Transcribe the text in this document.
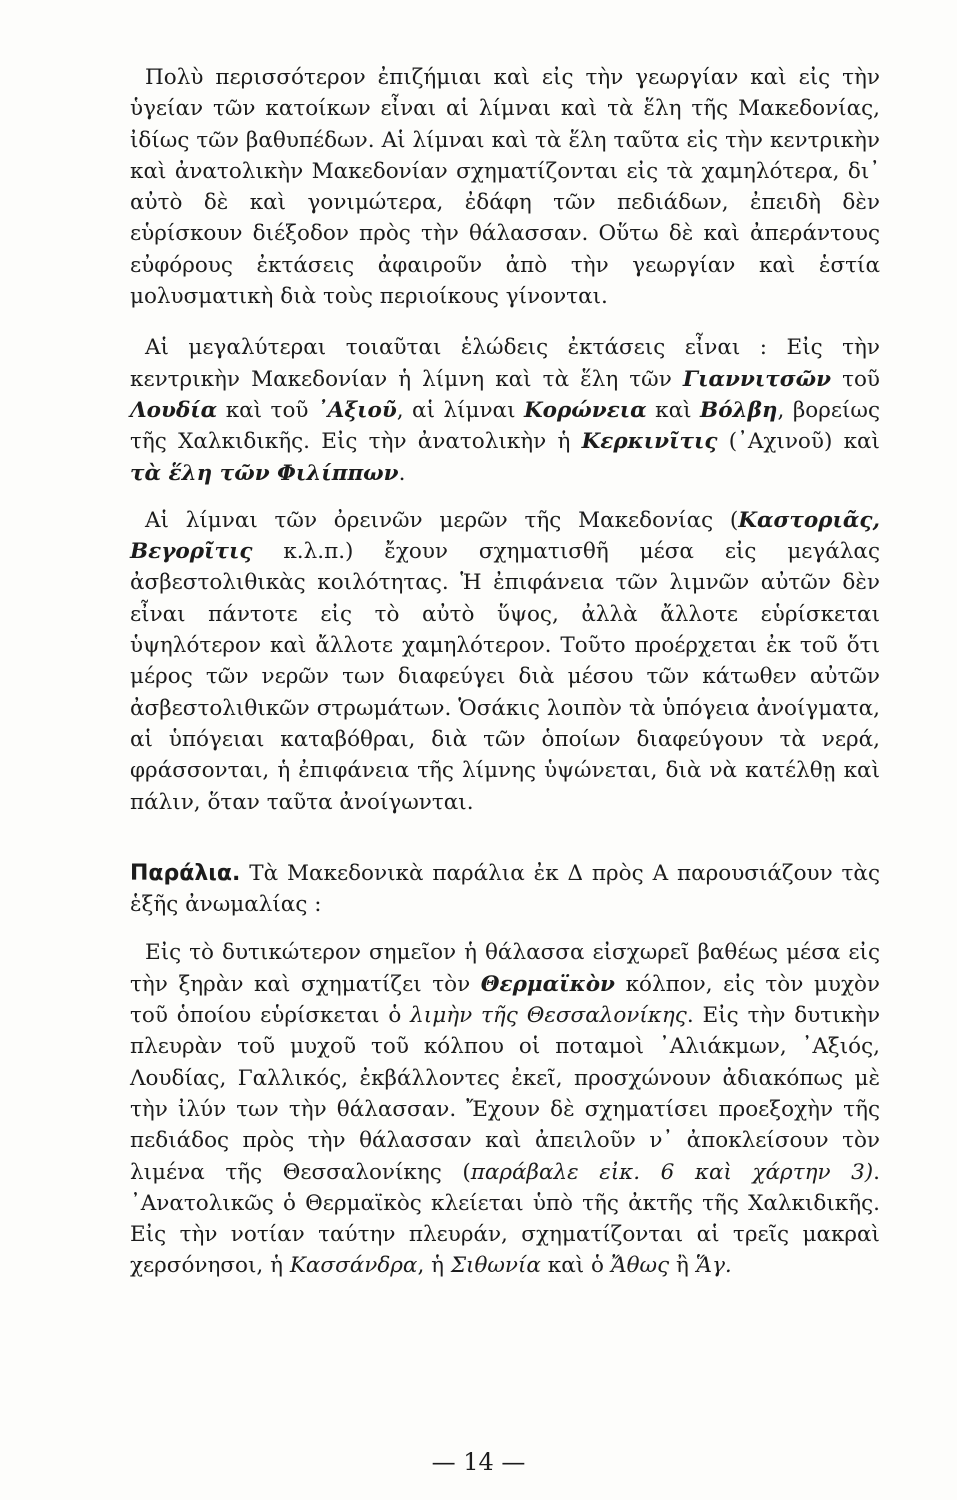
Πολὺ περισσότερον ἐπιζήμιαι καὶ εἰς τὴν γεωργίαν καὶ εἰς τὴν ὑγείαν τῶν κατοίκων εἶναι αἱ λίμναι καὶ τὰ ἕλη τῆς Μακεδονίας, ἰδίως τῶν βαθυπέδων. Αἱ λίμναι καὶ τὰ ἕλη ταῦτα εἰς τὴν κεντρικὴν καὶ ἀνατολικὴν Μακεδονίαν σχηματίζονται εἰς τὰ χαμηλότερα, δι᾽ αὐτὸ δὲ καὶ γονιμώτερα, ἐδάφη τῶν πεδιάδων, ἐπειδὴ δὲν εὑρίσκουν διέξοδον πρὸς τὴν θάλασσαν. Οὕτω δὲ καὶ ἀπεράντους εὐφόρους ἐκτάσεις ἀφαιροῦν ἀπὸ τὴν γεωργίαν καὶ ἑστία μολυσματικὴ διὰ τοὺς περιοίκους γίνονται.

Αἱ μεγαλύτεραι τοιαῦται ἑλώδεις ἐκτάσεις εἶναι : Εἰς τὴν κεντρικὴν Μακεδονίαν ἡ λίμνη καὶ τὰ ἕλη τῶν Γιαννιτσῶν τοῦ Λουδία καὶ τοῦ ᾽Αξιοῦ, αἱ λίμναι Κορώνεια καὶ Βόλβη, βορείως τῆς Χαλκιδικῆς. Εἰς τὴν ἀνατολικὴν ἡ Κερκινῖτις (᾽Αχινοῦ) καὶ τὰ ἕλη τῶν Φιλίππων.

Αἱ λίμναι τῶν ὀρεινῶν μερῶν τῆς Μακεδονίας (Καστοριᾶς, Βεγορῖτις κ.λ.π.) ἔχουν σχηματισθῆ μέσα εἰς μεγάλας ἀσβεστολιθικὰς κοιλότητας. Ἡ ἐπιφάνεια τῶν λιμνῶν αὐτῶν δὲν εἶναι πάντοτε εἰς τὸ αὐτὸ ὕψος, ἀλλὰ ἄλλοτε εὑρίσκεται ὑψηλότερον καὶ ἄλλοτε χαμηλότερον. Τοῦτο προέρχεται ἐκ τοῦ ὅτι μέρος τῶν νερῶν των διαφεύγει διὰ μέσου τῶν κάτωθεν αὐτῶν ἀσβεστολιθικῶν στρωμάτων. Ὁσάκις λοιπὸν τὰ ὑπόγεια ἀνοίγματα, αἱ ὑπόγειαι καταβόθραι, διὰ τῶν ὁποίων διαφεύγουν τὰ νερά, φράσσονται, ἡ ἐπιφάνεια τῆς λίμνης ὑψώνεται, διὰ νὰ κατέλθῃ καὶ πάλιν, ὅταν ταῦτα ἀνοίγωνται.

Παράλια. Τὰ Μακεδονικὰ παράλια ἐκ Δ πρὸς Α παρουσιάζουν τὰς ἑξῆς ἀνωμαλίας :

Εἰς τὸ δυτικώτερον σημεῖον ἡ θάλασσα εἰσχωρεῖ βαθέως μέσα εἰς τὴν ξηρὰν καὶ σχηματίζει τὸν Θερμαϊκὸν κόλπον, εἰς τὸν μυχὸν τοῦ ὁποίου εὑρίσκεται ὁ λιμὴν τῆς Θεσσαλονίκης. Εἰς τὴν δυτικὴν πλευρὰν τοῦ μυχοῦ τοῦ κόλπου οἱ ποταμοὶ ᾽Αλιάκμων, ᾽Αξιός, Λουδίας, Γαλλικός, ἐκβάλλοντες ἐκεῖ, προσχώνουν ἀδιακόπως μὲ τὴν ἰλύν των τὴν θάλασσαν. Ἔχουν δὲ σχηματίσει προεξοχὴν τῆς πεδιάδος πρὸς τὴν θάλασσαν καὶ ἀπειλοῦν ν᾽ ἀποκλείσουν τὸν λιμένα τῆς Θεσσαλονίκης (παράβαλε εἰκ. 6 καὶ χάρτην 3). ᾽Ανατολικῶς ὁ Θερμαϊκὸς κλείεται ὑπὸ τῆς ἀκτῆς τῆς Χαλκιδικῆς. Εἰς τὴν νοτίαν ταύτην πλευράν, σχηματίζονται αἱ τρεῖς μακραὶ χερσόνησοι, ἡ Κασσάνδρα, ἡ Σιθωνία καὶ ὁ Ἄθως ἢ Ἅγ.

— 14 —
